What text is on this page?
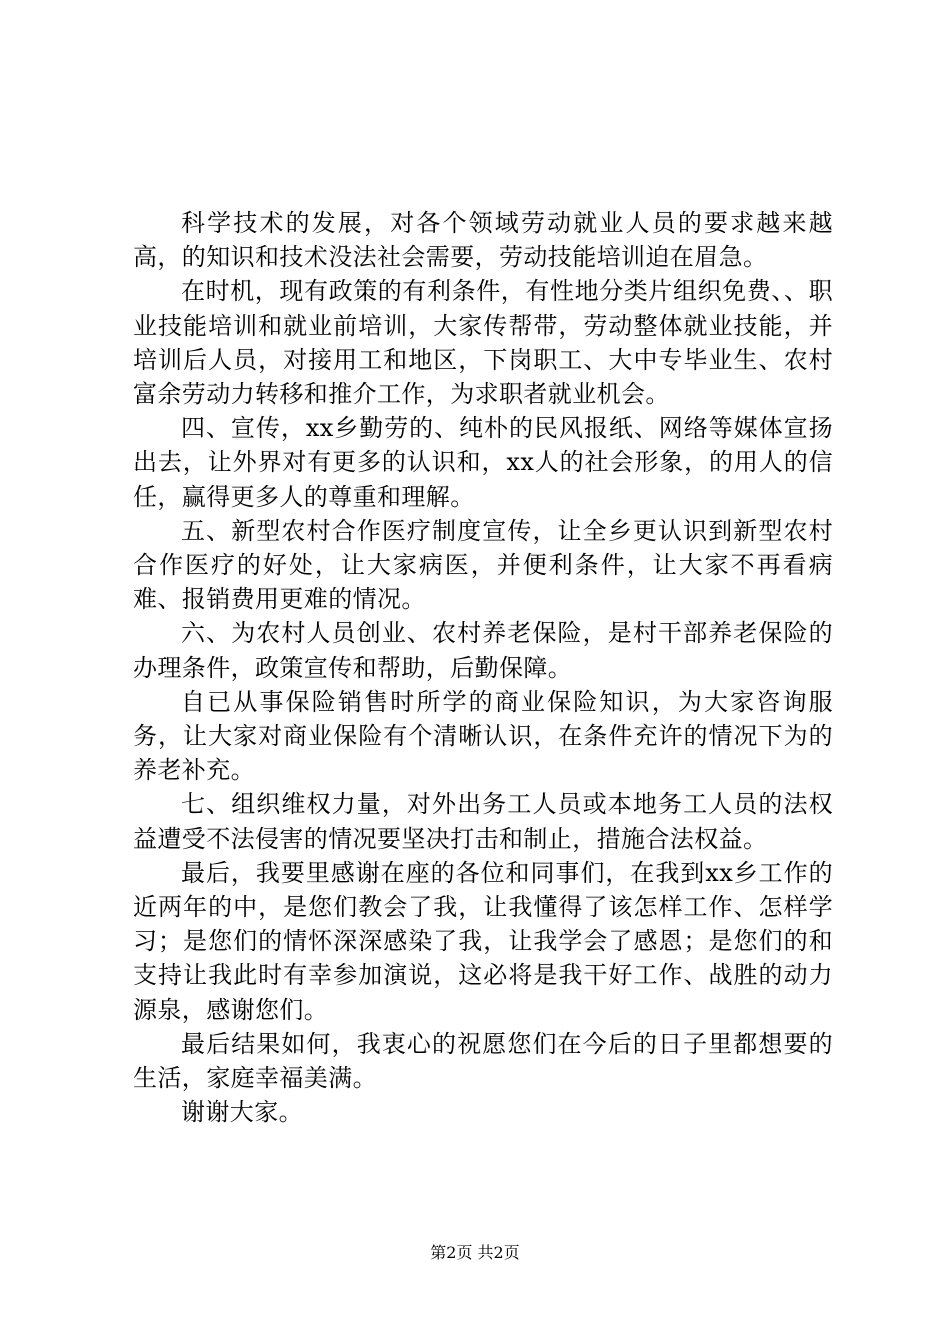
科学技术的发展，对各个领域劳动就业人员的要求越来越高，的知识和技术没法社会需要，劳动技能培训迫在眉急。

在时机，现有政策的有利条件，有性地分类片组织免费、、职业技能培训和就业前培训，大家传帮带，劳动整体就业技能，并培训后人员，对接用工和地区，下岗职工、大中专毕业生、农村富余劳动力转移和推介工作，为求职者就业机会。

四、宣传，xx乡勤劳的、纯朴的民风报纸、网络等媒体宣扬出去，让外界对有更多的认识和，xx人的社会形象，的用人的信任，赢得更多人的尊重和理解。

五、新型农村合作医疗制度宣传，让全乡更认识到新型农村合作医疗的好处，让大家病医，并便利条件，让大家不再看病难、报销费用更难的情况。

六、为农村人员创业、农村养老保险，是村干部养老保险的办理条件，政策宣传和帮助，后勤保障。

自已从事保险销售时所学的商业保险知识，为大家咨询服务，让大家对商业保险有个清晰认识，在条件充许的情况下为的养老补充。

七、组织维权力量，对外出务工人员或本地务工人员的法权益遭受不法侵害的情况要坚决打击和制止，措施合法权益。

最后，我要里感谢在座的各位和同事们，在我到xx乡工作的近两年的中，是您们教会了我，让我懂得了该怎样工作、怎样学习；是您们的情怀深深感染了我，让我学会了感恩；是您们的和支持让我此时有幸参加演说，这必将是我干好工作、战胜的动力源泉，感谢您们。

最后结果如何，我衷心的祝愿您们在今后的日子里都想要的生活，家庭幸福美满。

谢谢大家。

第2页 共2页
